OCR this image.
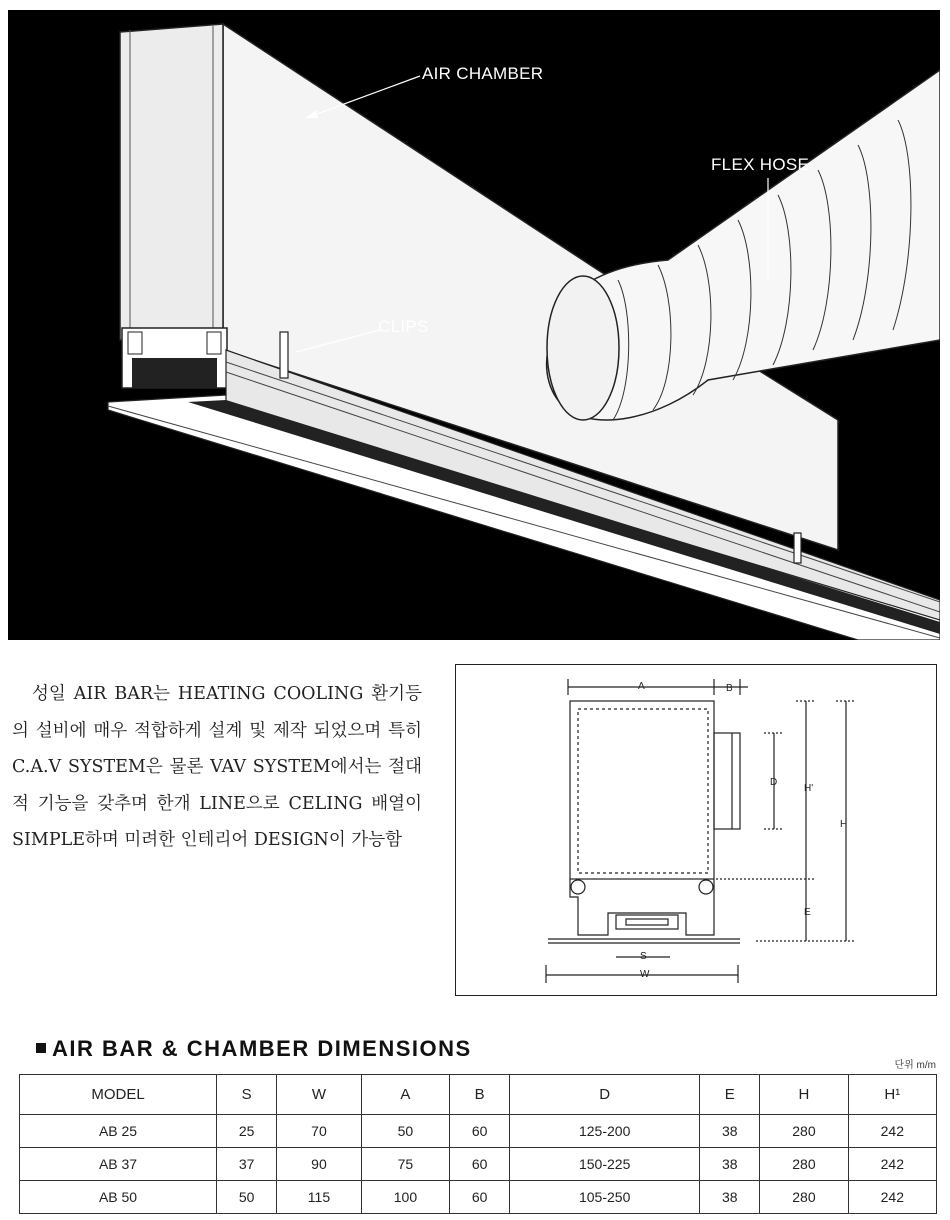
AIR CHAMBER
FLEX HOSE
CLIPS

성일 AIR BAR는 HEATING COOLING 환기등의 설비에 매우 적합하게 설계 및 제작 되었으며 특히 C.A.V SYSTEM은 물론 VAV SYSTEM에서는 절대적 기능을 갖추며 한개 LINE으로 CELING 배열이 SIMPLE하며 미려한 인테리어 DESIGN이 가능함

A	B
D
H'
H
E
S
W
AIR BAR & CHAMBER DIMENSIONS
단위 m/m
MODEL	S	W	A	B	D	E	H	H¹
AB 25	25	70	50	60	125-200	38	280	242
AB 37	37	90	75	60	150-225	38	280	242
AB 50	50	115	100	60	105-250	38	280	242
